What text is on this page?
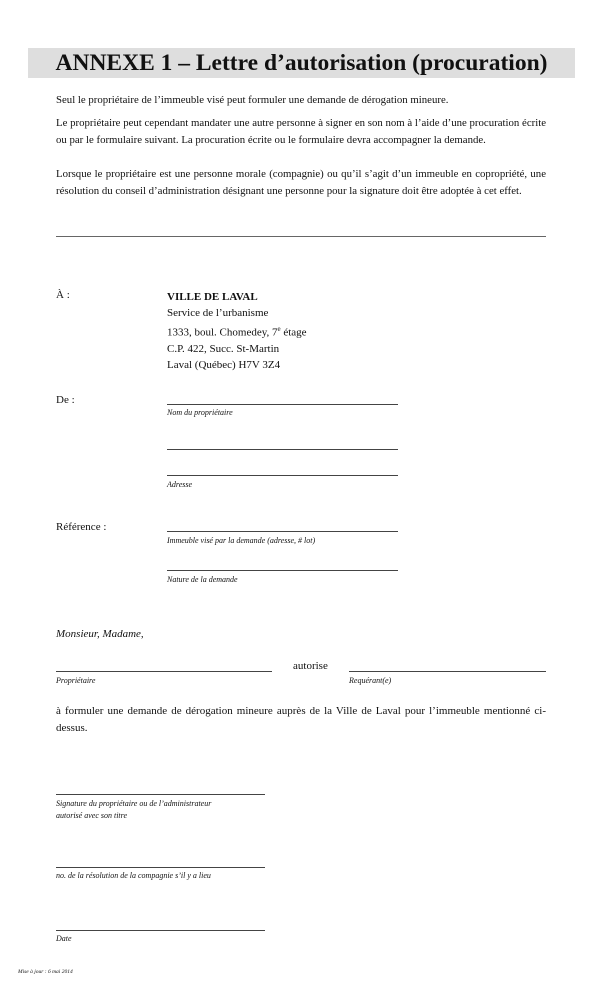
ANNEXE 1 – Lettre d’autorisation (procuration)

Seul le propriétaire de l’immeuble visé peut formuler une demande de dérogation mineure.

Le propriétaire peut cependant mandater une autre personne à signer en son nom à l’aide d’une procuration écrite ou par le formulaire suivant. La procuration écrite ou le formulaire devra accompagner la demande.

Lorsque le propriétaire est une personne morale (compagnie) ou qu’il s’agit d’un immeuble en copropriété, une résolution du conseil d’administration désignant une personne pour la signature doit être adoptée à cet effet.

À :	VILLE DE LAVAL
Service de l’urbanisme
1333, boul. Chomedey, 7e étage
C.P. 422, Succ. St-Martin
Laval (Québec) H7V 3Z4
De :
Nom du propriétaire
Adresse
Référence :
Immeuble visé par la demande (adresse, # lot)
Nature de la demande
Monsieur, Madame,
autorise
Propriétaire	Requérant(e)

à formuler une demande de dérogation mineure auprès de la Ville de Laval pour l’immeuble mentionné ci-dessus.

Signature du propriétaire ou de l’administrateur
autorisé avec son titre
no. de la résolution de la compagnie s’il y a lieu
Date
Mise à jour : 6 mai 2014
